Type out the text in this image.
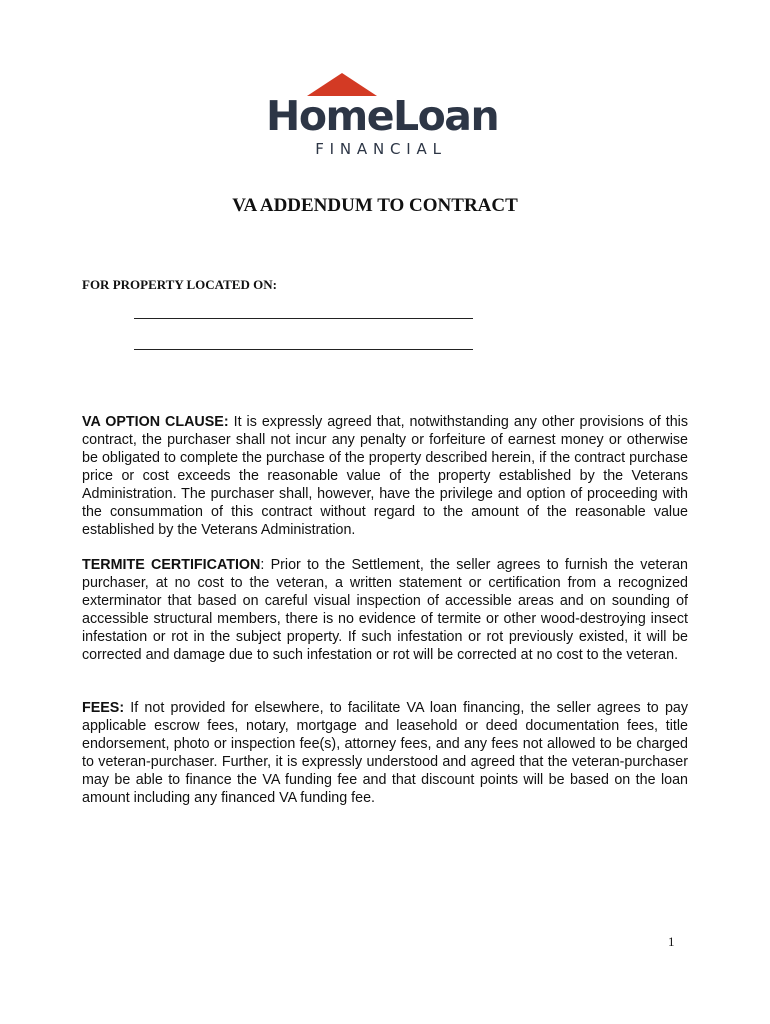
HomeLoan
FINANCIAL
VA ADDENDUM TO CONTRACT
FOR PROPERTY LOCATED ON:

VA OPTION CLAUSE: It is expressly agreed that, notwithstanding any other provisions of this contract, the purchaser shall not incur any penalty or forfeiture of earnest money or otherwise be obligated to complete the purchase of the property described herein, if the contract purchase price or cost exceeds the reasonable value of the property established by the Veterans Administration. The purchaser shall, however, have the privilege and option of proceeding with the consummation of this contract without regard to the amount of the reasonable value established by the Veterans Administration.

TERMITE CERTIFICATION: Prior to the Settlement, the seller agrees to furnish the veteran purchaser, at no cost to the veteran, a written statement or certification from a recognized exterminator that based on careful visual inspection of accessible areas and on sounding of accessible structural members, there is no evidence of termite or other wood-destroying insect infestation or rot in the subject property. If such infestation or rot previously existed, it will be corrected and damage due to such infestation or rot will be corrected at no cost to the veteran.

FEES: If not provided for elsewhere, to facilitate VA loan financing, the seller agrees to pay applicable escrow fees, notary, mortgage and leasehold or deed documentation fees, title endorsement, photo or inspection fee(s), attorney fees, and any fees not allowed to be charged to veteran-purchaser. Further, it is expressly understood and agreed that the veteran-purchaser may be able to finance the VA funding fee and that discount points will be based on the loan amount including any financed VA funding fee.

1
